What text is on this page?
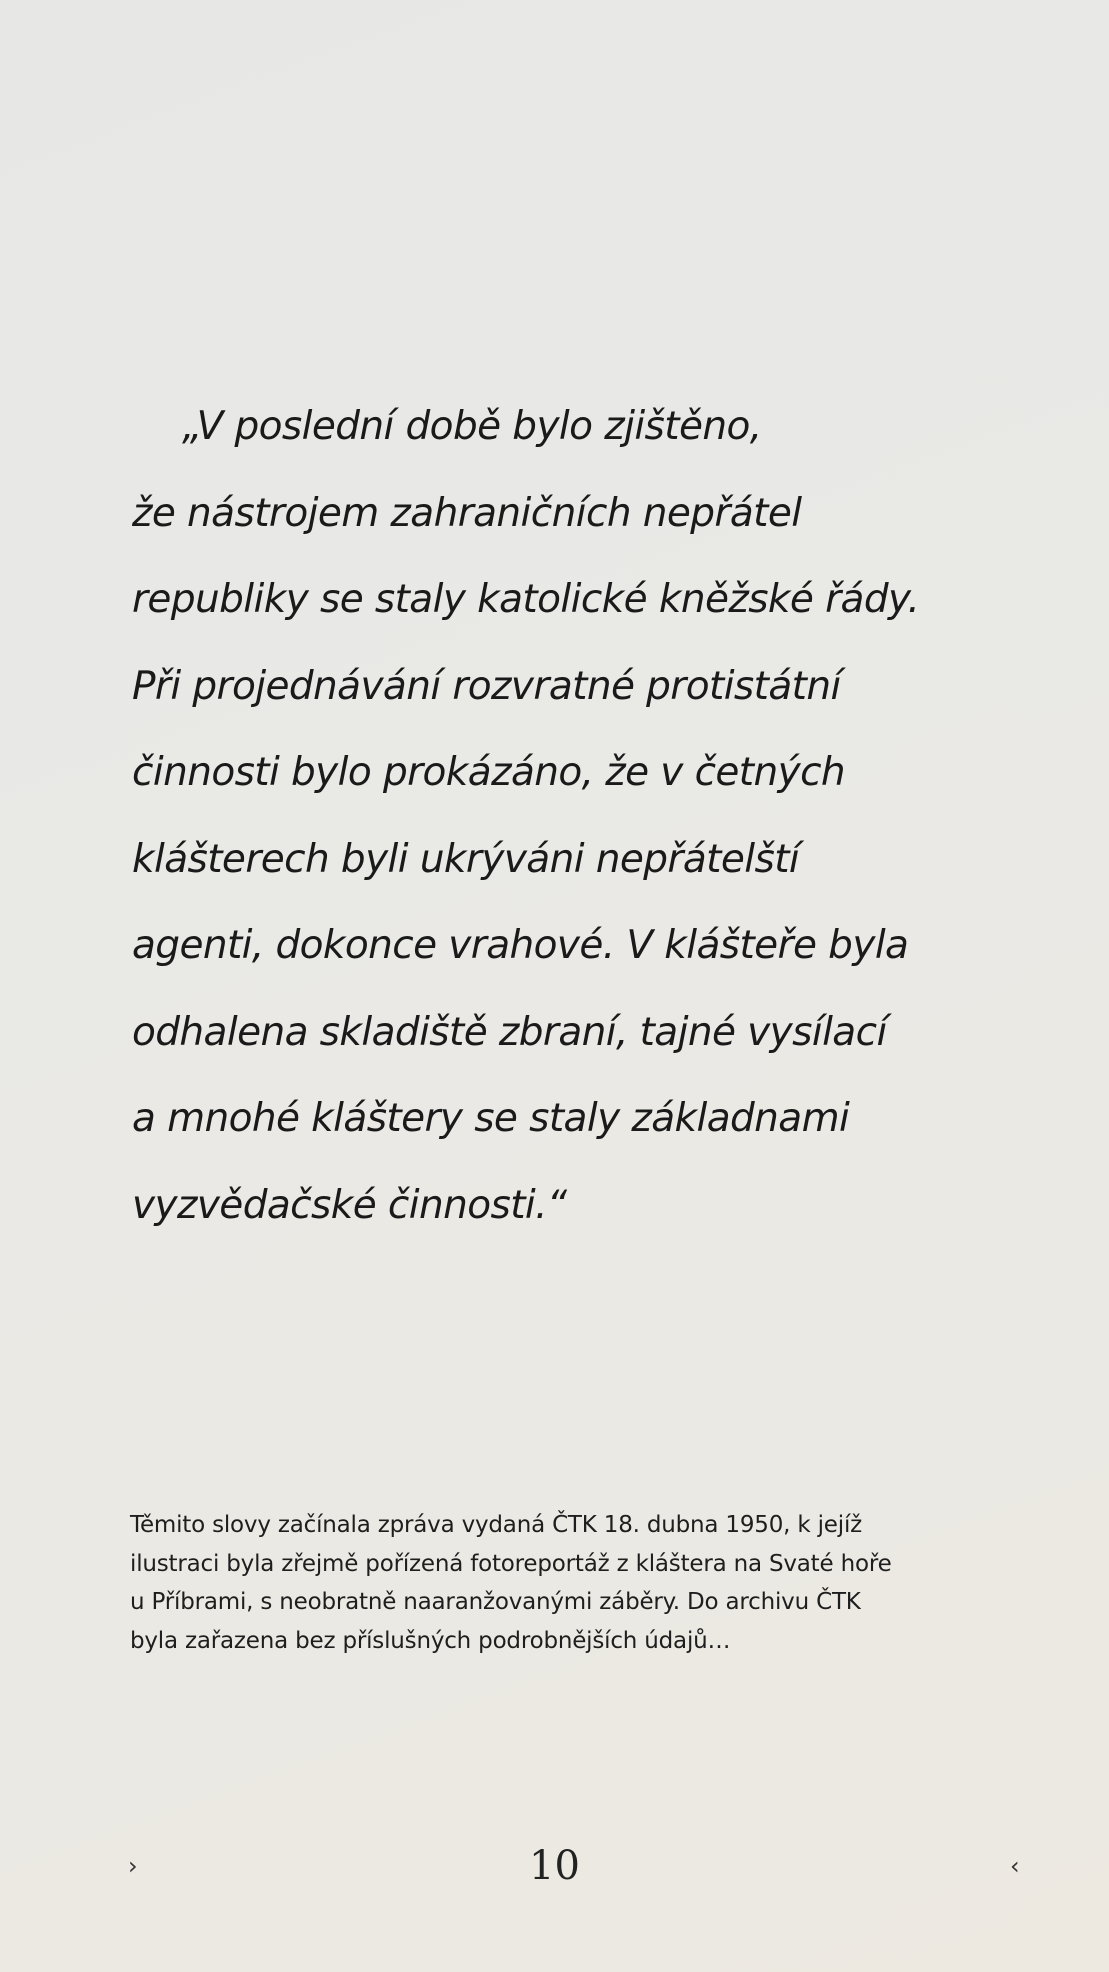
„V poslední době bylo zjištěno,
že nástrojem zahraničních nepřátel
republiky se staly katolické kněžské řády.
Při projednávání rozvratné protistátní
činnosti bylo prokázáno, že v četných
klášterech byli ukrýváni nepřátelští
agenti, dokonce vrahové. V klášteře byla
odhalena skladiště zbraní, tajné vysílací
a mnohé kláštery se staly základnami
vyzvědačské činnosti.“

Těmito slovy začínala zpráva vydaná ČTK 18. dubna 1950, k jejíž
ilustraci byla zřejmě pořízená fotoreportáž z kláštera na Svaté hoře
u Příbrami, s neobratně naaranžovanými záběry. Do archivu ČTK
byla zařazena bez příslušných podrobnějších údajů…

›	10	‹
